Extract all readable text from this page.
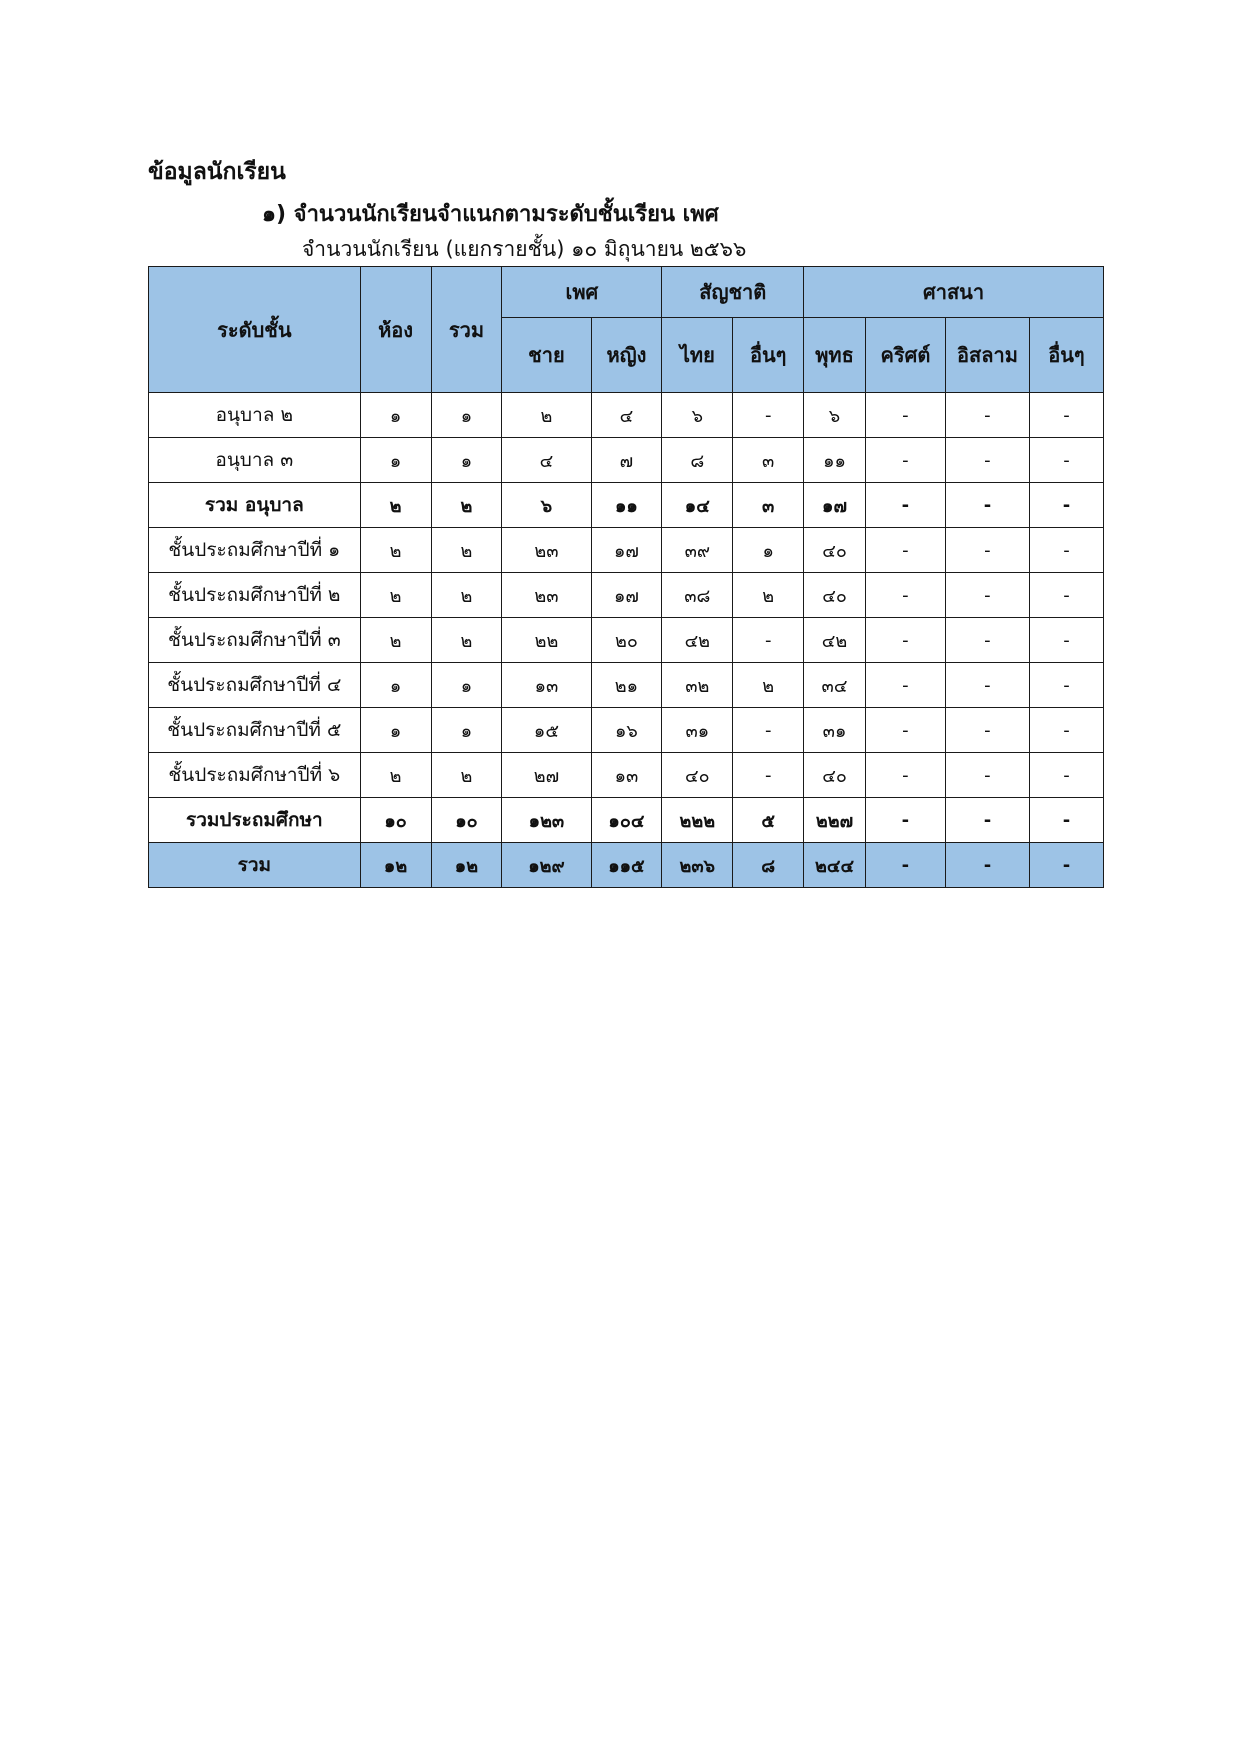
ข้อมูลนักเรียน
๑) จำนวนนักเรียนจำแนกตามระดับชั้นเรียน เพศ
จำนวนนักเรียน (แยกรายชั้น) ๑๐ มิถุนายน ๒๕๖๖
ระดับชั้น	ห้อง	รวม	เพศ		สัญชาติ		ศาสนา			
			ชาย	หญิง	ไทย	อื่นๆ	พุทธ	คริศต์	อิสลาม	อื่นๆ
อนุบาล ๒	๑	๑	๒	๔	๖	-	๖	-	-	-
อนุบาล ๓	๑	๑	๔	๗	๘	๓	๑๑	-	-	-
รวม อนุบาล	๒	๒	๖	๑๑	๑๔	๓	๑๗	-	-	-
ชั้นประถมศึกษาปีที่ ๑	๒	๒	๒๓	๑๗	๓๙	๑	๔๐	-	-	-
ชั้นประถมศึกษาปีที่ ๒	๒	๒	๒๓	๑๗	๓๘	๒	๔๐	-	-	-
ชั้นประถมศึกษาปีที่ ๓	๒	๒	๒๒	๒๐	๔๒	-	๔๒	-	-	-
ชั้นประถมศึกษาปีที่ ๔	๑	๑	๑๓	๒๑	๓๒	๒	๓๔	-	-	-
ชั้นประถมศึกษาปีที่ ๕	๑	๑	๑๕	๑๖	๓๑	-	๓๑	-	-	-
ชั้นประถมศึกษาปีที่ ๖	๒	๒	๒๗	๑๓	๔๐	-	๔๐	-	-	-
รวมประถมศึกษา	๑๐	๑๐	๑๒๓	๑๐๔	๒๒๒	๕	๒๒๗	-	-	-
รวม	๑๒	๑๒	๑๒๙	๑๑๕	๒๓๖	๘	๒๔๔	-	-	-
